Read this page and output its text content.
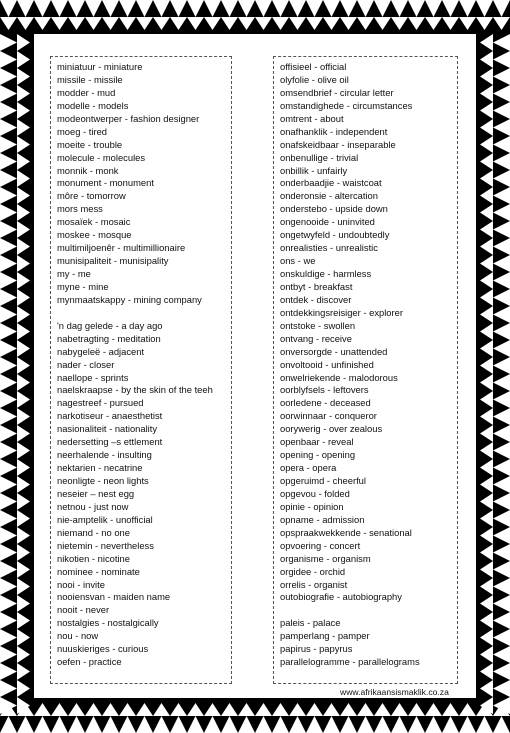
miniatuur - miniature
missile - missile
modder - mud
modelle - models
modeontwerper - fashion designer
moeg - tired
moeite - trouble
molecule - molecules
monnik - monk
monument - monument
môre - tomorrow
mors mess
mosaïek - mosaic
moskee - mosque
multimiljoenêr - multimillionaire
munisipaliteit - munisipality
my - me
myne - mine
mynmaatskappy - mining company
'n dag gelede - a day ago
nabetragting - meditation
nabygeleë - adjacent
nader - closer
naellope - sprints
naelskraapse - by the skin of the teeh
nagestreef - pursued
narkotiseur - anaesthetist
nasionaliteit - nationality
nedersetting –s ettlement
neerhalende - insulting
nektarien - necatrine
neonligte - neon lights
neseier – nest egg
netnou - just now
nie-amptelik - unofficial
niemand - no one
nietemin - nevertheless
nikotien - nicotine
nominee - nominate
nooi - invite
nooiensvan - maiden name
nooit - never
nostalgies - nostalgically
nou - now
nuuskieriges - curious
oefen - practice
offisieel - official
olyfolie - olive oil
omsendbrief - circular letter
omstandighede - circumstances
omtrent - about
onafhanklik - independent
onafskeidbaar - inseparable
onbenullige - trivial
onbillik - unfairly
onderbaadjie - waistcoat
onderonsie - altercation
onderstebo - upside down
ongenooide - uninvited
ongetwyfeld - undoubtedly
onrealisties - unrealistic
ons - we
onskuldige - harmless
ontbyt - breakfast
ontdek - discover
ontdekkingsreisiger - explorer
ontstoke - swollen
ontvang - receive
onversorgde - unattended
onvoltooid - unfinished
onwelriekende - malodorous
oorblyfsels - leftovers
oorledene - deceased
oorwinnaar - conqueror
oorywerig - over zealous
openbaar - reveal
opening - opening
opera - opera
opgeruimd - cheerful
opgevou - folded
opinie - opinion
opname - admission
opspraakwekkende - senational
opvoering - concert
organisme - organism
orgidee - orchid
orrelis - organist
outobiografie - autobiography
paleis - palace
pamperlang - pamper
papirus - papyrus
parallelogramme - parallelograms
www.afrikaansismaklik.co.za
